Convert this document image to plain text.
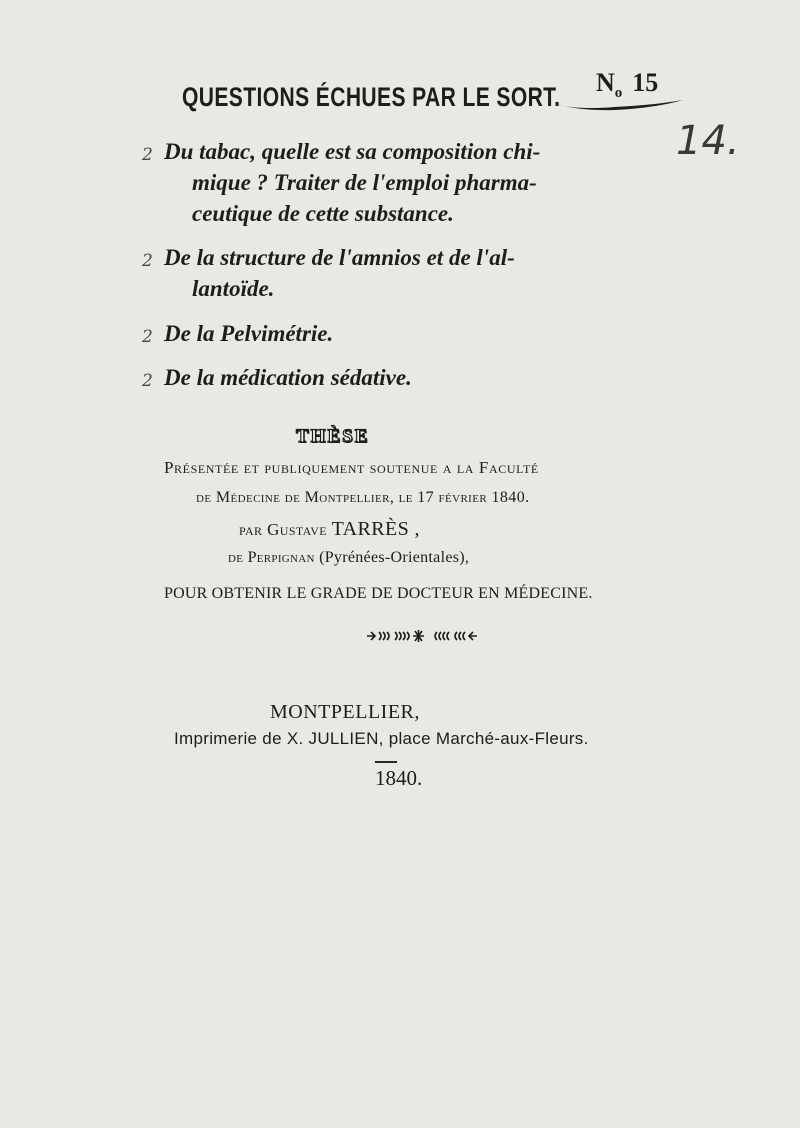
QUESTIONS ÉCHUES PAR LE SORT. $N_o$ 15
14.
2 Du tabac, quelle est sa composition chi-
mique ? Traiter de l'emploi pharma-
ceutique de cette substance.
2 De la structure de l'amnios et de l'al-
lantoïde.
2 De la Pelvimétrie.
2 De la médication sédative.
THÈSE
Présentée et publiquement soutenue a la Faculté
de Médecine de Montpellier, le 17 février 1840.
par Gustave TARRÈS ,
de Perpignan (Pyrénées-Orientales),
POUR OBTENIR LE GRADE DE DOCTEUR EN MÉDECINE.
MONTPELLIER,
Imprimerie de X. JULLIEN, place Marché-aux-Fleurs.
1840.
